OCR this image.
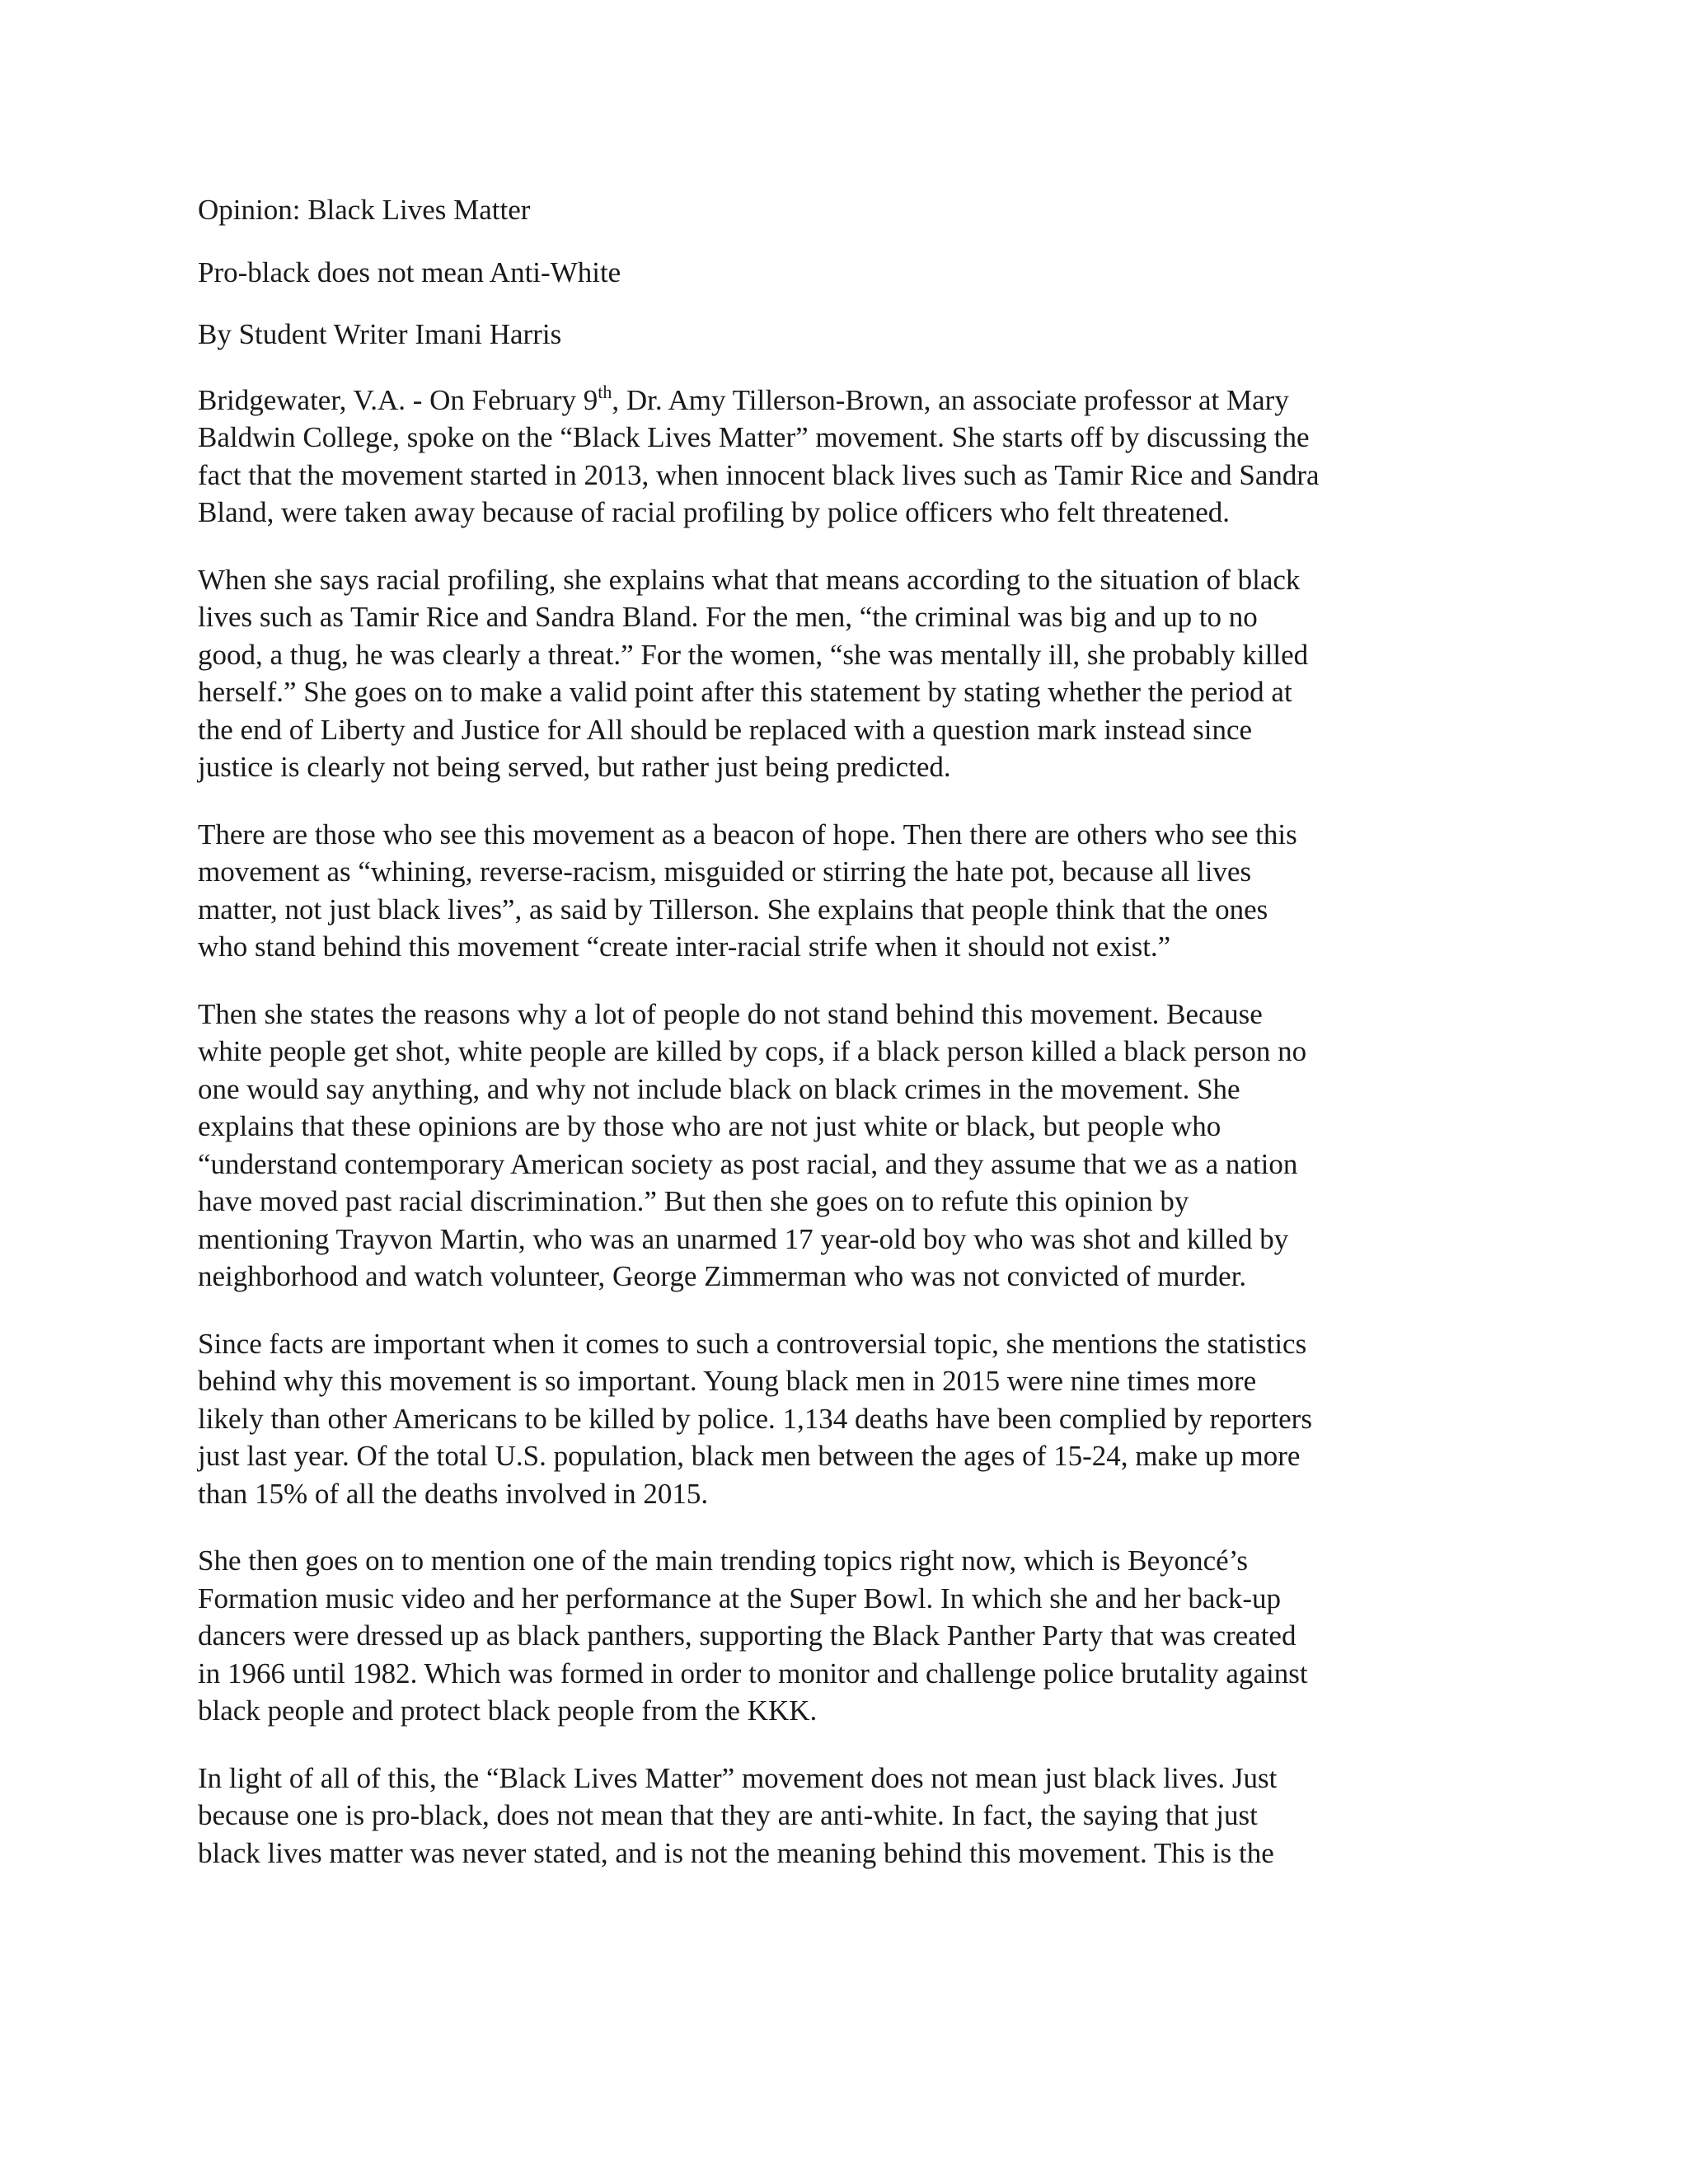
Opinion: Black Lives Matter
Pro-black does not mean Anti-White
By Student Writer Imani Harris
Bridgewater, V.A. - On February 9th, Dr. Amy Tillerson-Brown, an associate professor at Mary
Baldwin College, spoke on the “Black Lives Matter” movement. She starts off by discussing the
fact that the movement started in 2013, when innocent black lives such as Tamir Rice and Sandra
Bland, were taken away because of racial profiling by police officers who felt threatened.
When she says racial profiling, she explains what that means according to the situation of black
lives such as Tamir Rice and Sandra Bland. For the men, “the criminal was big and up to no
good, a thug, he was clearly a threat.” For the women, “she was mentally ill, she probably killed
herself.” She goes on to make a valid point after this statement by stating whether the period at
the end of Liberty and Justice for All should be replaced with a question mark instead since
justice is clearly not being served, but rather just being predicted.
There are those who see this movement as a beacon of hope. Then there are others who see this
movement as “whining, reverse-racism, misguided or stirring the hate pot, because all lives
matter, not just black lives”, as said by Tillerson. She explains that people think that the ones
who stand behind this movement “create inter-racial strife when it should not exist.”
Then she states the reasons why a lot of people do not stand behind this movement. Because
white people get shot, white people are killed by cops, if a black person killed a black person no
one would say anything, and why not include black on black crimes in the movement. She
explains that these opinions are by those who are not just white or black, but people who
“understand contemporary American society as post racial, and they assume that we as a nation
have moved past racial discrimination.” But then she goes on to refute this opinion by
mentioning Trayvon Martin, who was an unarmed 17 year-old boy who was shot and killed by
neighborhood and watch volunteer, George Zimmerman who was not convicted of murder.
Since facts are important when it comes to such a controversial topic, she mentions the statistics
behind why this movement is so important. Young black men in 2015 were nine times more
likely than other Americans to be killed by police. 1,134 deaths have been complied by reporters
just last year. Of the total U.S. population, black men between the ages of 15-24, make up more
than 15% of all the deaths involved in 2015.
She then goes on to mention one of the main trending topics right now, which is Beyoncé’s
Formation music video and her performance at the Super Bowl. In which she and her back-up
dancers were dressed up as black panthers, supporting the Black Panther Party that was created
in 1966 until 1982. Which was formed in order to monitor and challenge police brutality against
black people and protect black people from the KKK.
In light of all of this, the “Black Lives Matter” movement does not mean just black lives. Just
because one is pro-black, does not mean that they are anti-white. In fact, the saying that just
black lives matter was never stated, and is not the meaning behind this movement. This is the
